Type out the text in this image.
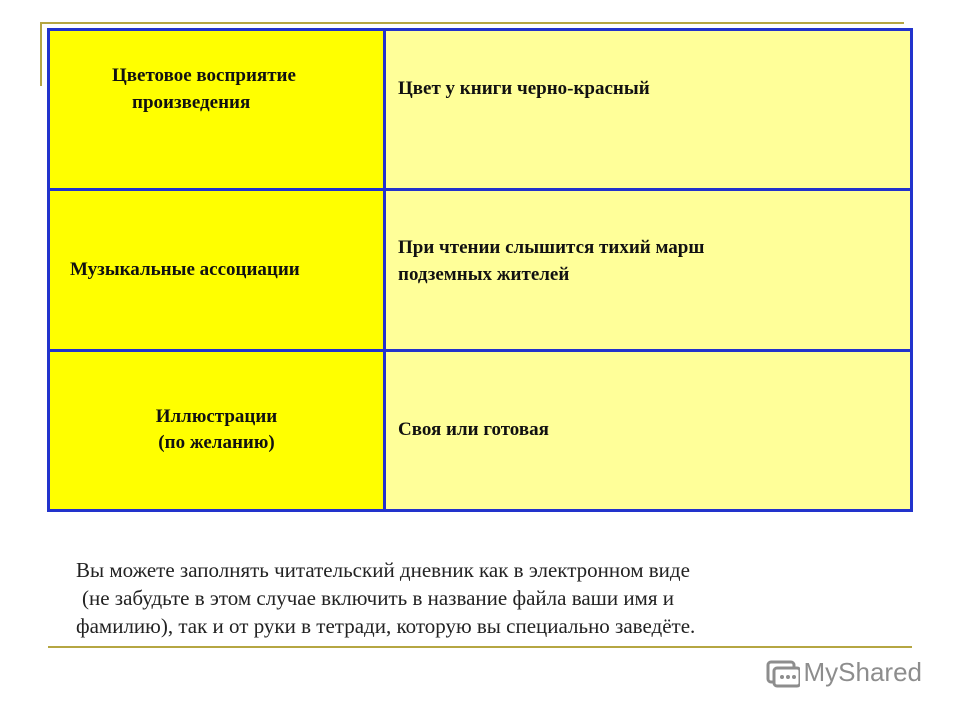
Цветовое восприятие
произведения
Цвет у книги черно-красный
Музыкальные ассоциации
При чтении слышится тихий марш
подземных жителей
Иллюстрации
(по желанию)
Своя или готовая
Вы можете заполнять читательский дневник как в электронном виде
(не забудьте в этом случае включить в название файла ваши имя и
фамилию), так и от руки в тетради, которую вы специально заведёте.
MyShared
